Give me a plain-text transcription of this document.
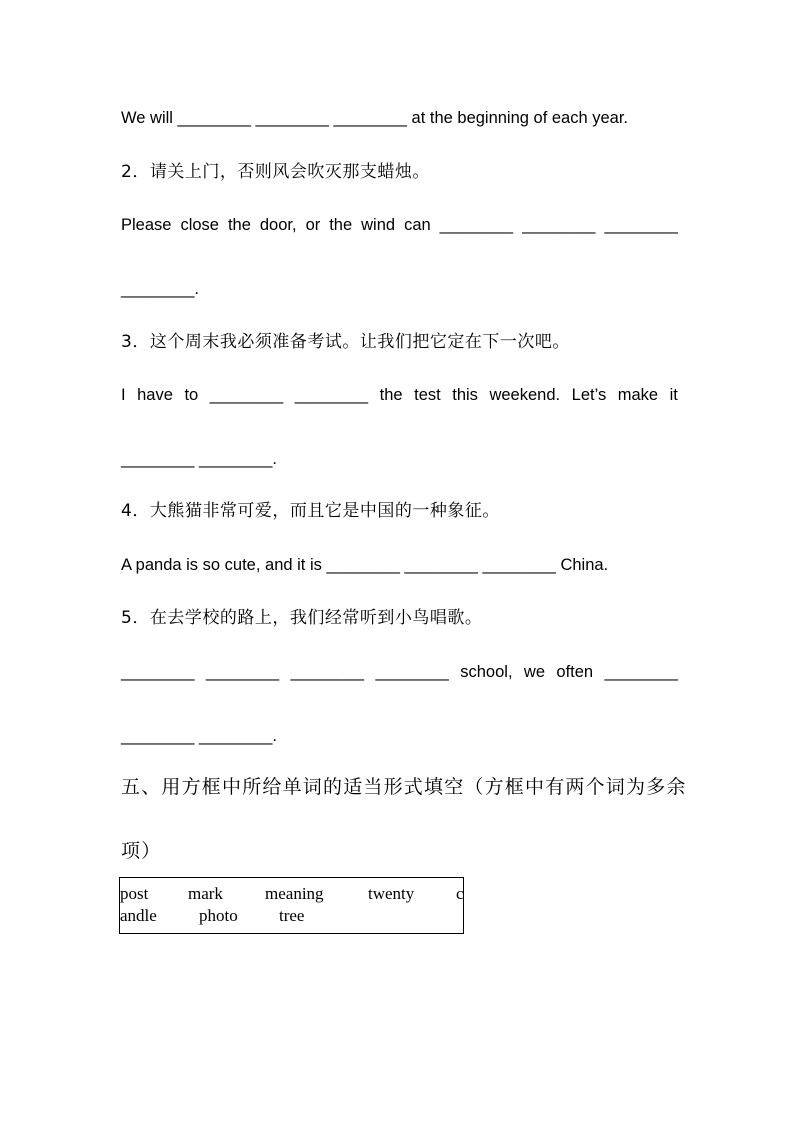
We will ________ ________ ________ at the beginning of each year.
2．请关上门，否则风会吹灭那支蜡烛。
Please close the door, or the wind can ________ ________ ________
________.
3．这个周末我必须准备考试。让我们把它定在下一次吧。
I have to ________ ________ the test this weekend. Let’s make it
________ ________.
4．大熊猫非常可爱，而且它是中国的一种象征。
A panda is so cute, and it is ________ ________ ________ China.
5．在去学校的路上，我们经常听到小鸟唱歌。
________ ________ ________ ________ school, we often ________
________ ________.
五、用方框中所给单词的适当形式填空（方框中有两个词为多余
项）
post mark meaning	twenty c
andle photo tree
